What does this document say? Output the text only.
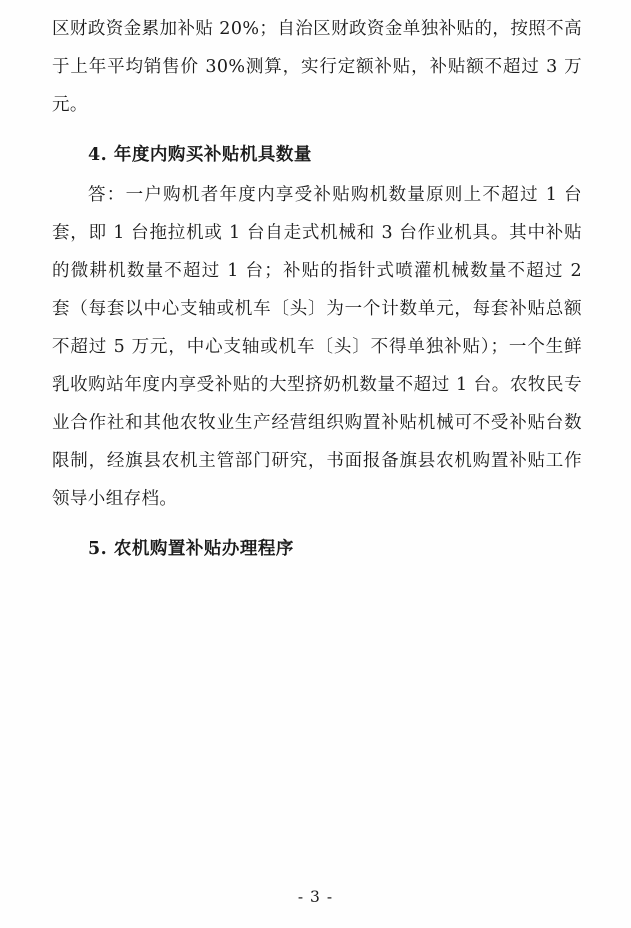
区财政资金累加补贴 20%；自治区财政资金单独补贴的，按照不高于上年平均销售价 30%测算，实行定额补贴，补贴额不超过 3 万元。

4. 年度内购买补贴机具数量

答：一户购机者年度内享受补贴购机数量原则上不超过 1 台套，即 1 台拖拉机或 1 台自走式机械和 3 台作业机具。其中补贴的微耕机数量不超过 1 台；补贴的指针式喷灌机械数量不超过 2 套（每套以中心支轴或机车〔头〕为一个计数单元，每套补贴总额不超过 5 万元，中心支轴或机车〔头〕不得单独补贴）；一个生鲜乳收购站年度内享受补贴的大型挤奶机数量不超过 1 台。农牧民专业合作社和其他农牧业生产经营组织购置补贴机械可不受补贴台数限制，经旗县农机主管部门研究，书面报备旗县农机购置补贴工作领导小组存档。

5. 农机购置补贴办理程序
- 3 -
